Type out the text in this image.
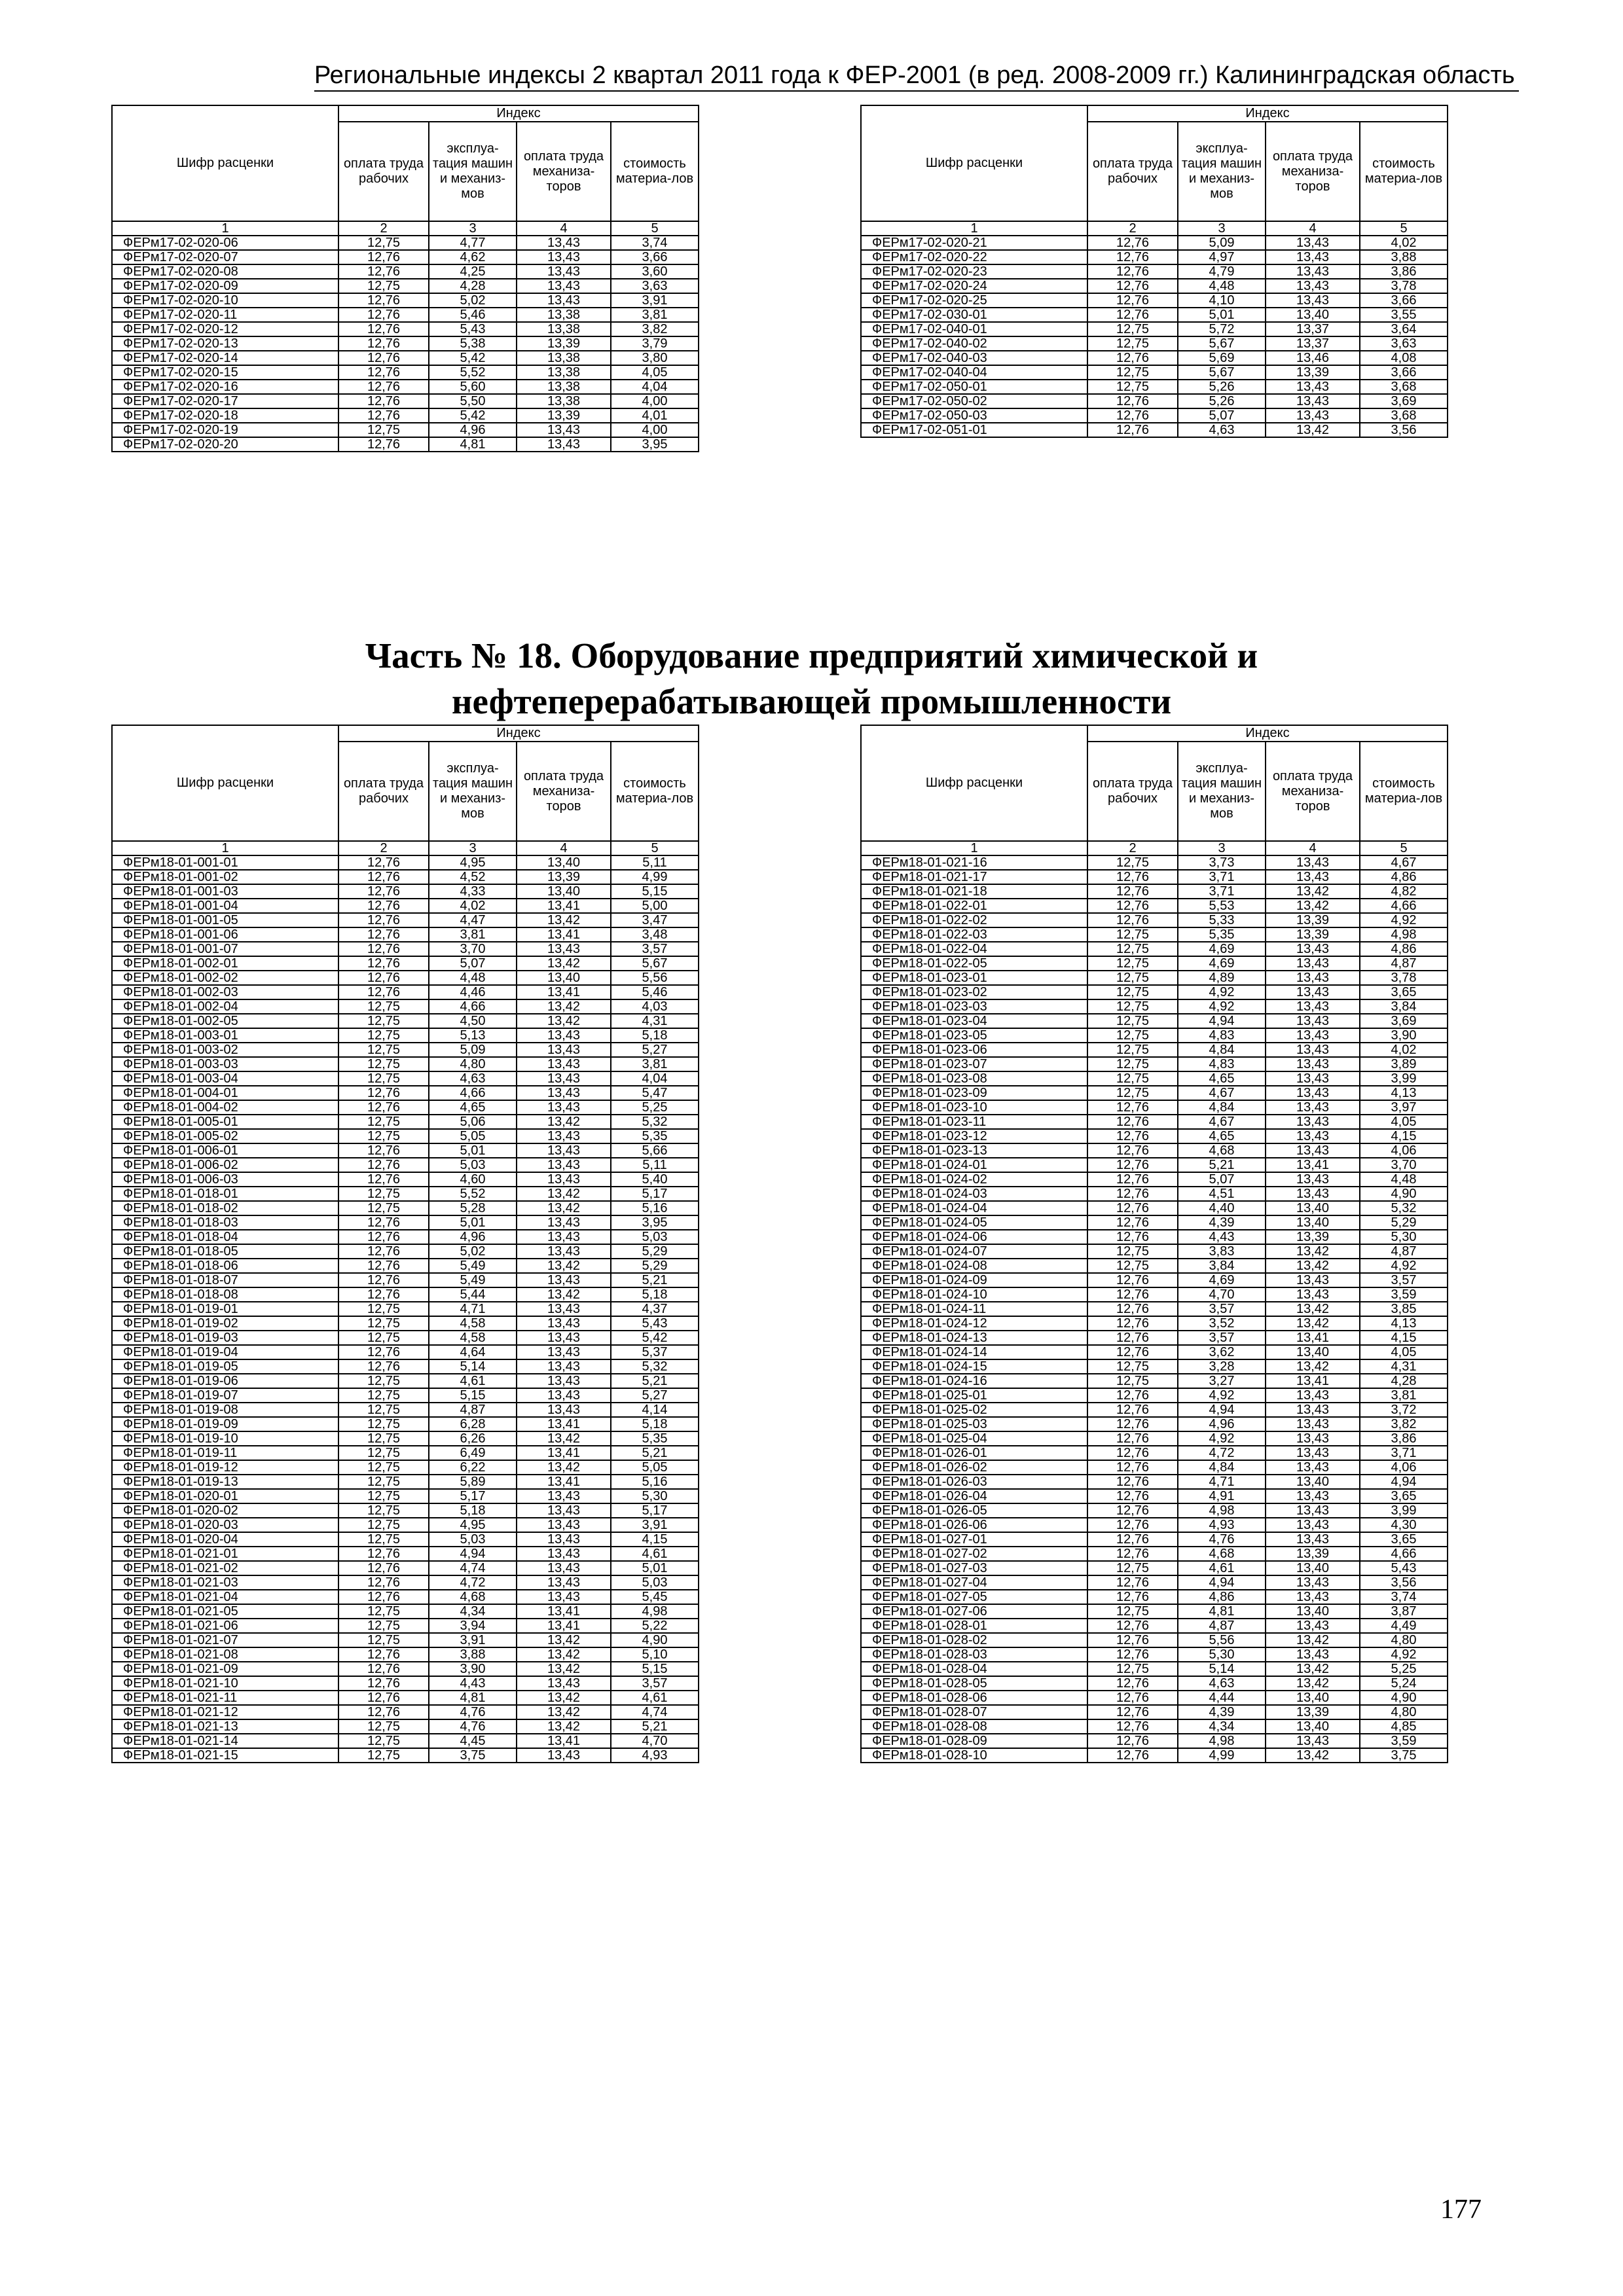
Региональные индексы 2 квартал 2011 года к ФЕР-2001 (в ред. 2008-2009 гг.) Калининградская область
Часть № 18. Оборудование предприятий химической и
нефтеперерабатывающей промышленности
Шифр расценки	Индекс			
	оплата труда рабочих	эксплуа-тация машин и механиз-мов	оплата труда механиза-торов	стоимость материа-лов
1	2	3	4	5
ФЕРм17-02-020-06	12,75	4,77	13,43	3,74
ФЕРм17-02-020-07	12,76	4,62	13,43	3,66
ФЕРм17-02-020-08	12,76	4,25	13,43	3,60
ФЕРм17-02-020-09	12,75	4,28	13,43	3,63
ФЕРм17-02-020-10	12,76	5,02	13,43	3,91
ФЕРм17-02-020-11	12,76	5,46	13,38	3,81
ФЕРм17-02-020-12	12,76	5,43	13,38	3,82
ФЕРм17-02-020-13	12,76	5,38	13,39	3,79
ФЕРм17-02-020-14	12,76	5,42	13,38	3,80
ФЕРм17-02-020-15	12,76	5,52	13,38	4,05
ФЕРм17-02-020-16	12,76	5,60	13,38	4,04
ФЕРм17-02-020-17	12,76	5,50	13,38	4,00
ФЕРм17-02-020-18	12,76	5,42	13,39	4,01
ФЕРм17-02-020-19	12,75	4,96	13,43	4,00
ФЕРм17-02-020-20	12,76	4,81	13,43	3,95
Шифр расценки	Индекс			
	оплата труда рабочих	эксплуа-тация машин и механиз-мов	оплата труда механиза-торов	стоимость материа-лов
1	2	3	4	5
ФЕРм17-02-020-21	12,76	5,09	13,43	4,02
ФЕРм17-02-020-22	12,76	4,97	13,43	3,88
ФЕРм17-02-020-23	12,76	4,79	13,43	3,86
ФЕРм17-02-020-24	12,76	4,48	13,43	3,78
ФЕРм17-02-020-25	12,76	4,10	13,43	3,66
ФЕРм17-02-030-01	12,76	5,01	13,40	3,55
ФЕРм17-02-040-01	12,75	5,72	13,37	3,64
ФЕРм17-02-040-02	12,75	5,67	13,37	3,63
ФЕРм17-02-040-03	12,76	5,69	13,46	4,08
ФЕРм17-02-040-04	12,75	5,67	13,39	3,66
ФЕРм17-02-050-01	12,75	5,26	13,43	3,68
ФЕРм17-02-050-02	12,76	5,26	13,43	3,69
ФЕРм17-02-050-03	12,76	5,07	13,43	3,68
ФЕРм17-02-051-01	12,76	4,63	13,42	3,56
Шифр расценки	Индекс			
	оплата труда рабочих	эксплуа-тация машин и механиз-мов	оплата труда механиза-торов	стоимость материа-лов
1	2	3	4	5
ФЕРм18-01-001-01	12,76	4,95	13,40	5,11
ФЕРм18-01-001-02	12,76	4,52	13,39	4,99
ФЕРм18-01-001-03	12,76	4,33	13,40	5,15
ФЕРм18-01-001-04	12,76	4,02	13,41	5,00
ФЕРм18-01-001-05	12,76	4,47	13,42	3,47
ФЕРм18-01-001-06	12,76	3,81	13,41	3,48
ФЕРм18-01-001-07	12,76	3,70	13,43	3,57
ФЕРм18-01-002-01	12,76	5,07	13,42	5,67
ФЕРм18-01-002-02	12,76	4,48	13,40	5,56
ФЕРм18-01-002-03	12,76	4,46	13,41	5,46
ФЕРм18-01-002-04	12,75	4,66	13,42	4,03
ФЕРм18-01-002-05	12,75	4,50	13,42	4,31
ФЕРм18-01-003-01	12,75	5,13	13,43	5,18
ФЕРм18-01-003-02	12,75	5,09	13,43	5,27
ФЕРм18-01-003-03	12,75	4,80	13,43	3,81
ФЕРм18-01-003-04	12,75	4,63	13,43	4,04
ФЕРм18-01-004-01	12,76	4,66	13,43	5,47
ФЕРм18-01-004-02	12,76	4,65	13,43	5,25
ФЕРм18-01-005-01	12,75	5,06	13,42	5,32
ФЕРм18-01-005-02	12,75	5,05	13,43	5,35
ФЕРм18-01-006-01	12,76	5,01	13,43	5,66
ФЕРм18-01-006-02	12,76	5,03	13,43	5,11
ФЕРм18-01-006-03	12,76	4,60	13,43	5,40
ФЕРм18-01-018-01	12,75	5,52	13,42	5,17
ФЕРм18-01-018-02	12,75	5,28	13,42	5,16
ФЕРм18-01-018-03	12,76	5,01	13,43	3,95
ФЕРм18-01-018-04	12,76	4,96	13,43	5,03
ФЕРм18-01-018-05	12,76	5,02	13,43	5,29
ФЕРм18-01-018-06	12,76	5,49	13,42	5,29
ФЕРм18-01-018-07	12,76	5,49	13,43	5,21
ФЕРм18-01-018-08	12,76	5,44	13,42	5,18
ФЕРм18-01-019-01	12,75	4,71	13,43	4,37
ФЕРм18-01-019-02	12,75	4,58	13,43	5,43
ФЕРм18-01-019-03	12,75	4,58	13,43	5,42
ФЕРм18-01-019-04	12,76	4,64	13,43	5,37
ФЕРм18-01-019-05	12,76	5,14	13,43	5,32
ФЕРм18-01-019-06	12,75	4,61	13,43	5,21
ФЕРм18-01-019-07	12,75	5,15	13,43	5,27
ФЕРм18-01-019-08	12,75	4,87	13,43	4,14
ФЕРм18-01-019-09	12,75	6,28	13,41	5,18
ФЕРм18-01-019-10	12,75	6,26	13,42	5,35
ФЕРм18-01-019-11	12,75	6,49	13,41	5,21
ФЕРм18-01-019-12	12,75	6,22	13,42	5,05
ФЕРм18-01-019-13	12,75	5,89	13,41	5,16
ФЕРм18-01-020-01	12,75	5,17	13,43	5,30
ФЕРм18-01-020-02	12,75	5,18	13,43	5,17
ФЕРм18-01-020-03	12,75	4,95	13,43	3,91
ФЕРм18-01-020-04	12,75	5,03	13,43	4,15
ФЕРм18-01-021-01	12,76	4,94	13,43	4,61
ФЕРм18-01-021-02	12,76	4,74	13,43	5,01
ФЕРм18-01-021-03	12,76	4,72	13,43	5,03
ФЕРм18-01-021-04	12,76	4,68	13,43	5,45
ФЕРм18-01-021-05	12,75	4,34	13,41	4,98
ФЕРм18-01-021-06	12,75	3,94	13,41	5,22
ФЕРм18-01-021-07	12,75	3,91	13,42	4,90
ФЕРм18-01-021-08	12,76	3,88	13,42	5,10
ФЕРм18-01-021-09	12,76	3,90	13,42	5,15
ФЕРм18-01-021-10	12,76	4,43	13,43	3,57
ФЕРм18-01-021-11	12,76	4,81	13,42	4,61
ФЕРм18-01-021-12	12,76	4,76	13,42	4,74
ФЕРм18-01-021-13	12,75	4,76	13,42	5,21
ФЕРм18-01-021-14	12,75	4,45	13,41	4,70
ФЕРм18-01-021-15	12,75	3,75	13,43	4,93
Шифр расценки	Индекс			
	оплата труда рабочих	эксплуа-тация машин и механиз-мов	оплата труда механиза-торов	стоимость материа-лов
1	2	3	4	5
ФЕРм18-01-021-16	12,75	3,73	13,43	4,67
ФЕРм18-01-021-17	12,76	3,71	13,43	4,86
ФЕРм18-01-021-18	12,76	3,71	13,42	4,82
ФЕРм18-01-022-01	12,76	5,53	13,42	4,66
ФЕРм18-01-022-02	12,76	5,33	13,39	4,92
ФЕРм18-01-022-03	12,75	5,35	13,39	4,98
ФЕРм18-01-022-04	12,75	4,69	13,43	4,86
ФЕРм18-01-022-05	12,75	4,69	13,43	4,87
ФЕРм18-01-023-01	12,75	4,89	13,43	3,78
ФЕРм18-01-023-02	12,75	4,92	13,43	3,65
ФЕРм18-01-023-03	12,75	4,92	13,43	3,84
ФЕРм18-01-023-04	12,75	4,94	13,43	3,69
ФЕРм18-01-023-05	12,75	4,83	13,43	3,90
ФЕРм18-01-023-06	12,75	4,84	13,43	4,02
ФЕРм18-01-023-07	12,75	4,83	13,43	3,89
ФЕРм18-01-023-08	12,75	4,65	13,43	3,99
ФЕРм18-01-023-09	12,75	4,67	13,43	4,13
ФЕРм18-01-023-10	12,76	4,84	13,43	3,97
ФЕРм18-01-023-11	12,76	4,67	13,43	4,05
ФЕРм18-01-023-12	12,76	4,65	13,43	4,15
ФЕРм18-01-023-13	12,76	4,68	13,43	4,06
ФЕРм18-01-024-01	12,76	5,21	13,41	3,70
ФЕРм18-01-024-02	12,76	5,07	13,43	4,48
ФЕРм18-01-024-03	12,76	4,51	13,43	4,90
ФЕРм18-01-024-04	12,76	4,40	13,40	5,32
ФЕРм18-01-024-05	12,76	4,39	13,40	5,29
ФЕРм18-01-024-06	12,76	4,43	13,39	5,30
ФЕРм18-01-024-07	12,75	3,83	13,42	4,87
ФЕРм18-01-024-08	12,75	3,84	13,42	4,92
ФЕРм18-01-024-09	12,76	4,69	13,43	3,57
ФЕРм18-01-024-10	12,76	4,70	13,43	3,59
ФЕРм18-01-024-11	12,76	3,57	13,42	3,85
ФЕРм18-01-024-12	12,76	3,52	13,42	4,13
ФЕРм18-01-024-13	12,76	3,57	13,41	4,15
ФЕРм18-01-024-14	12,76	3,62	13,40	4,05
ФЕРм18-01-024-15	12,75	3,28	13,42	4,31
ФЕРм18-01-024-16	12,75	3,27	13,41	4,28
ФЕРм18-01-025-01	12,76	4,92	13,43	3,81
ФЕРм18-01-025-02	12,76	4,94	13,43	3,72
ФЕРм18-01-025-03	12,76	4,96	13,43	3,82
ФЕРм18-01-025-04	12,76	4,92	13,43	3,86
ФЕРм18-01-026-01	12,76	4,72	13,43	3,71
ФЕРм18-01-026-02	12,76	4,84	13,43	4,06
ФЕРм18-01-026-03	12,76	4,71	13,40	4,94
ФЕРм18-01-026-04	12,76	4,91	13,43	3,65
ФЕРм18-01-026-05	12,76	4,98	13,43	3,99
ФЕРм18-01-026-06	12,76	4,93	13,43	4,30
ФЕРм18-01-027-01	12,76	4,76	13,43	3,65
ФЕРм18-01-027-02	12,76	4,68	13,39	4,66
ФЕРм18-01-027-03	12,75	4,61	13,40	5,43
ФЕРм18-01-027-04	12,76	4,94	13,43	3,56
ФЕРм18-01-027-05	12,76	4,86	13,43	3,74
ФЕРм18-01-027-06	12,75	4,81	13,40	3,87
ФЕРм18-01-028-01	12,76	4,87	13,43	4,49
ФЕРм18-01-028-02	12,76	5,56	13,42	4,80
ФЕРм18-01-028-03	12,76	5,30	13,43	4,92
ФЕРм18-01-028-04	12,75	5,14	13,42	5,25
ФЕРм18-01-028-05	12,76	4,63	13,42	5,24
ФЕРм18-01-028-06	12,76	4,44	13,40	4,90
ФЕРм18-01-028-07	12,76	4,39	13,39	4,80
ФЕРм18-01-028-08	12,76	4,34	13,40	4,85
ФЕРм18-01-028-09	12,76	4,98	13,43	3,59
ФЕРм18-01-028-10	12,76	4,99	13,42	3,75
177
